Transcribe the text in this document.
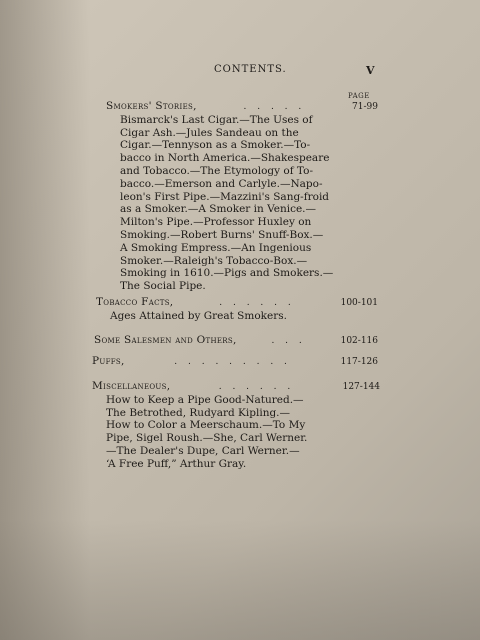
CONTENTS.	V
PAGE
Smokers' Stories,	. . . . .	71-99
Bismarck's Last Cigar.—The Uses of
Cigar Ash.—Jules Sandeau on the
Cigar.—Tennyson as a Smoker.—To-
bacco in North America.—Shakespeare
and Tobacco.—The Etymology of To-
bacco.—Emerson and Carlyle.—Napo-
leon's First Pipe.—Mazzini's Sang-froid
as a Smoker.—A Smoker in Venice.—
Milton's Pipe.—Professor Huxley on
Smoking.—Robert Burns' Snuff-Box.—
A Smoking Empress.—An Ingenious
Smoker.—Raleigh's Tobacco-Box.—
Smoking in 1610.—Pigs and Smokers.—
The Social Pipe.
Tobacco Facts,	. . . . . .	100-101
Ages Attained by Great Smokers.
Some Salesmen and Others,	. . .	102-116
Puffs,	. . . . . . . . .	117-126
Miscellaneous,	. . . . . .	127-144
How to Keep a Pipe Good-Natured.—
The Betrothed, Rudyard Kipling.—
How to Color a Meerschaum.—To My
Pipe, Sigel Roush.—She, Carl Werner.
—The Dealer's Dupe, Carl Werner.—
‘A Free Puff,” Arthur Gray.
